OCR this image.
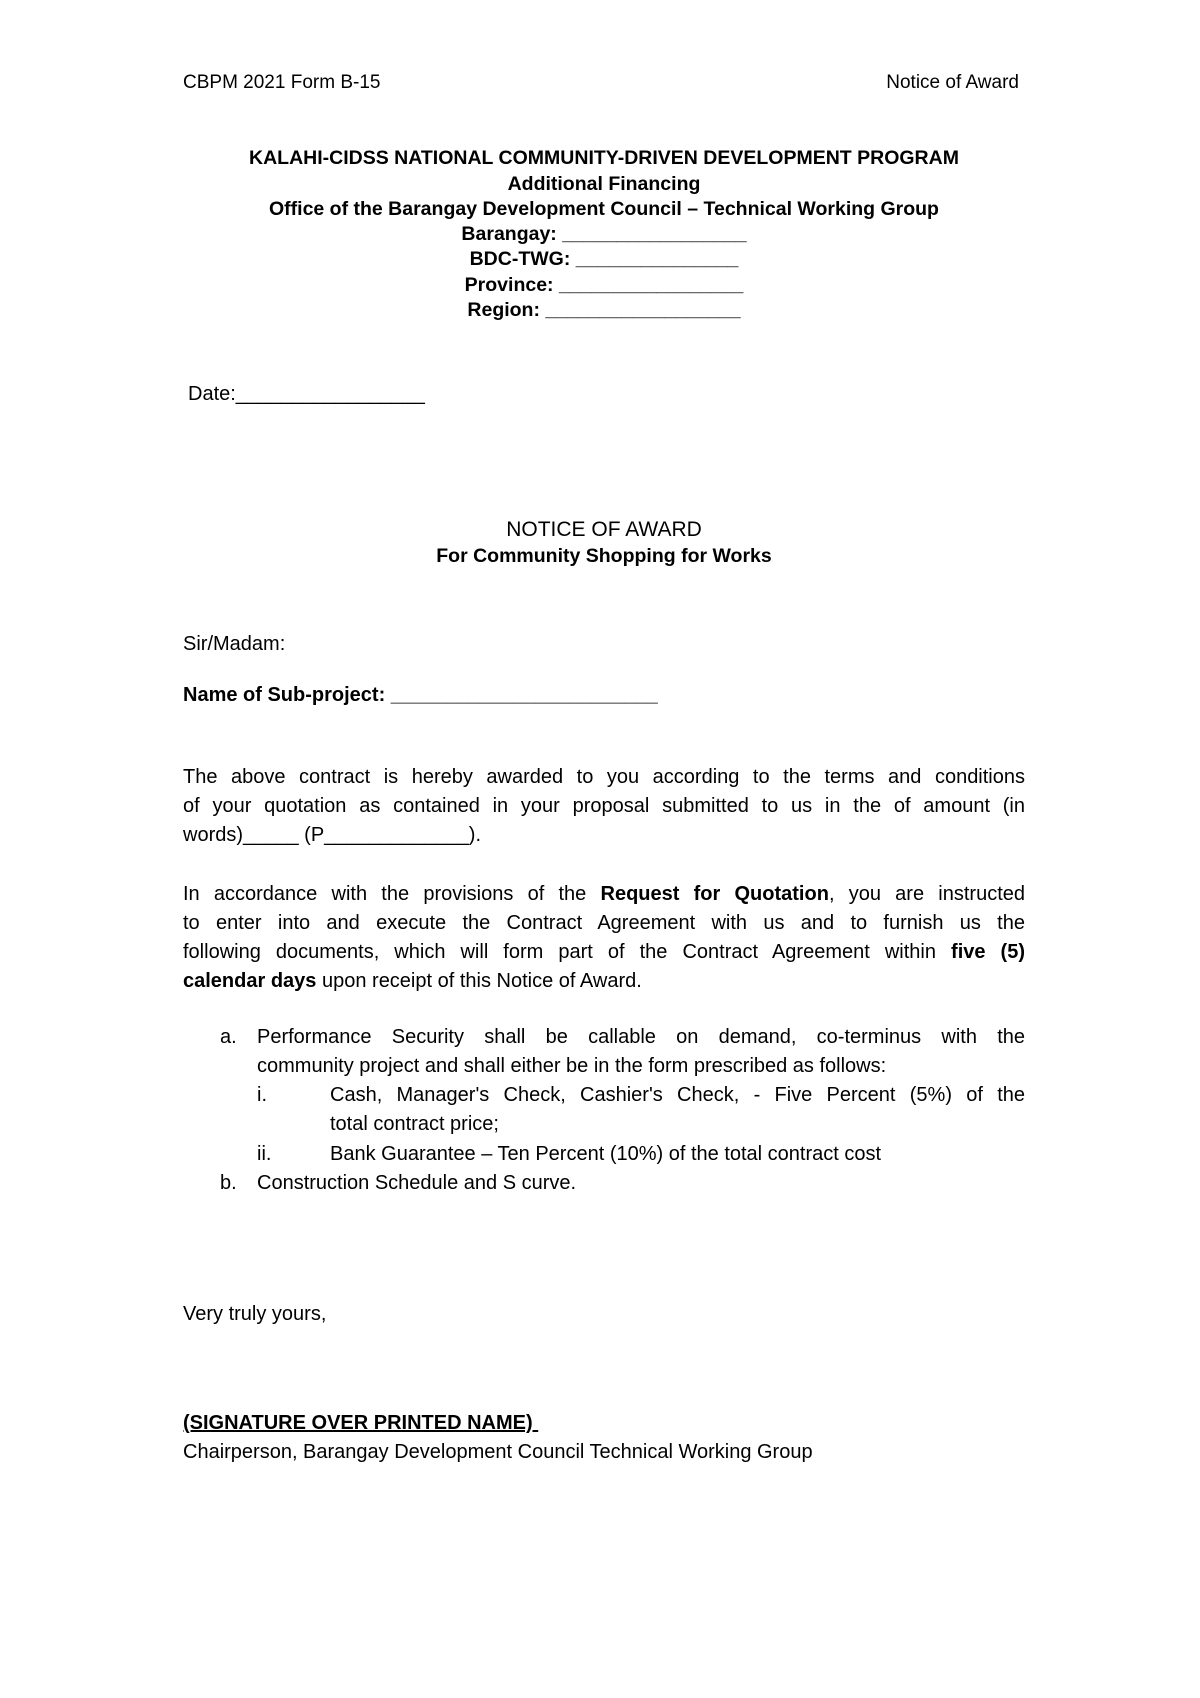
CBPM 2021 Form B-15	Notice of Award
KALAHI-CIDSS NATIONAL COMMUNITY-DRIVEN DEVELOPMENT PROGRAM
Additional Financing
Office of the Barangay Development Council – Technical Working Group
Barangay: _________________
BDC-TWG: _______________
Province: _________________
Region: __________________
Date:_________________
NOTICE OF AWARD
For Community Shopping for Works
Sir/Madam:
Name of Sub-project: ________________________
The above contract is hereby awarded to you according to the terms and conditions
of your quotation as contained in your proposal submitted to us in the of amount (in
words)_____ (P_____________).
In accordance with the provisions of the Request for Quotation, you are instructed
to enter into and execute the Contract Agreement with us and to furnish us the
following documents, which will form part of the Contract Agreement within five (5)
calendar days upon receipt of this Notice of Award.
a. Performance Security shall be callable on demand, co-terminus with the
community project and shall either be in the form prescribed as follows:
i.	Cash, Manager's Check, Cashier's Check, - Five Percent (5%) of the
total contract price;
ii.	Bank Guarantee – Ten Percent (10%) of the total contract cost
b. Construction Schedule and S curve.
Very truly yours,
(SIGNATURE OVER PRINTED NAME)
Chairperson, Barangay Development Council Technical Working Group
